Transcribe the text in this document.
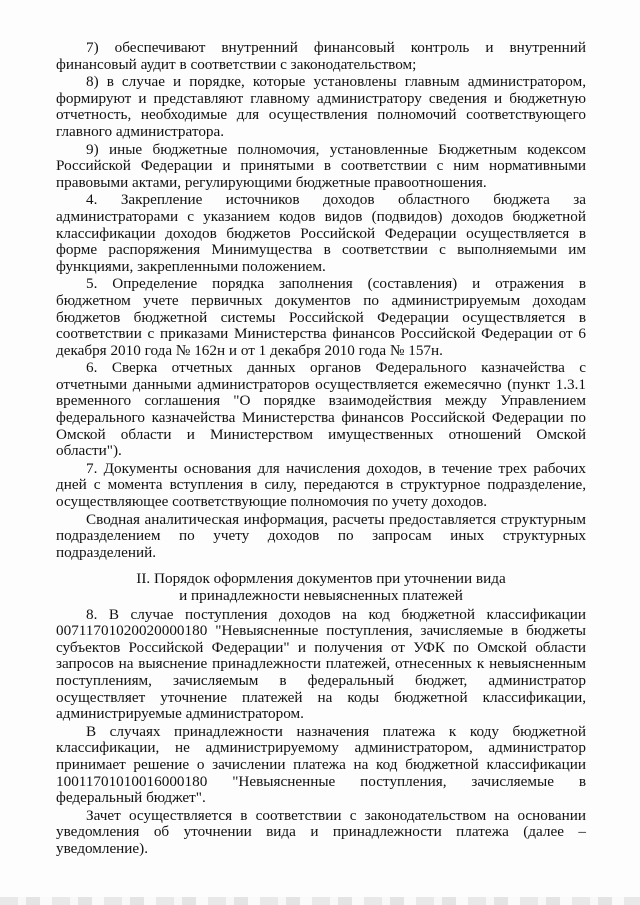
7) обеспечивают внутренний финансовый контроль и внутренний финансовый аудит в соответствии с законодательством;

8) в случае и порядке, которые установлены главным администратором, формируют и представляют главному администратору сведения и бюджетную отчетность, необходимые для осуществления полномочий соответствующего главного администратора.

9) иные бюджетные полномочия, установленные Бюджетным кодексом Российской Федерации и принятыми в соответствии с ним нормативными правовыми актами, регулирующими бюджетные правоотношения.

4. Закрепление источников доходов областного бюджета за администраторами с указанием кодов видов (подвидов) доходов бюджетной классификации доходов бюджетов Российской Федерации осуществляется в форме распоряжения Минимущества в соответствии с выполняемыми им функциями, закрепленными положением.

5. Определение порядка заполнения (составления) и отражения в бюджетном учете первичных документов по администрируемым доходам бюджетов бюджетной системы Российской Федерации осуществляется в соответствии с приказами Министерства финансов Российской Федерации от 6 декабря 2010 года № 162н и от 1 декабря 2010 года № 157н.

6. Сверка отчетных данных органов Федерального казначейства с отчетными данными администраторов осуществляется ежемесячно (пункт 1.3.1 временного соглашения "О порядке взаимодействия между Управлением федерального казначейства Министерства финансов Российской Федерации по Омской области и Министерством имущественных отношений Омской области").

7. Документы основания для начисления доходов, в течение трех рабочих дней с момента вступления в силу, передаются в структурное подразделение, осуществляющее соответствующие полномочия по учету доходов.

Сводная аналитическая информация, расчеты предоставляется структурным подразделением по учету доходов по запросам иных структурных подразделений.

II. Порядок оформления документов при уточнении вида
и принадлежности невыясненных платежей

8. В случае поступления доходов на код бюджетной классификации 00711701020020000180 "Невыясненные поступления, зачисляемые в бюджеты субъектов Российской Федерации" и получения от УФК по Омской области запросов на выяснение принадлежности платежей, отнесенных к невыясненным поступлениям, зачисляемым в федеральный бюджет, администратор осуществляет уточнение платежей на коды бюджетной классификации, администрируемые администратором.

В случаях принадлежности назначения платежа к коду бюджетной классификации, не администрируемому администратором, администратор принимает решение о зачислении платежа на код бюджетной классификации 10011701010016000180 "Невыясненные поступления, зачисляемые в федеральный бюджет".

Зачет осуществляется в соответствии с законодательством на основании уведомления об уточнении вида и принадлежности платежа (далее – уведомление).
